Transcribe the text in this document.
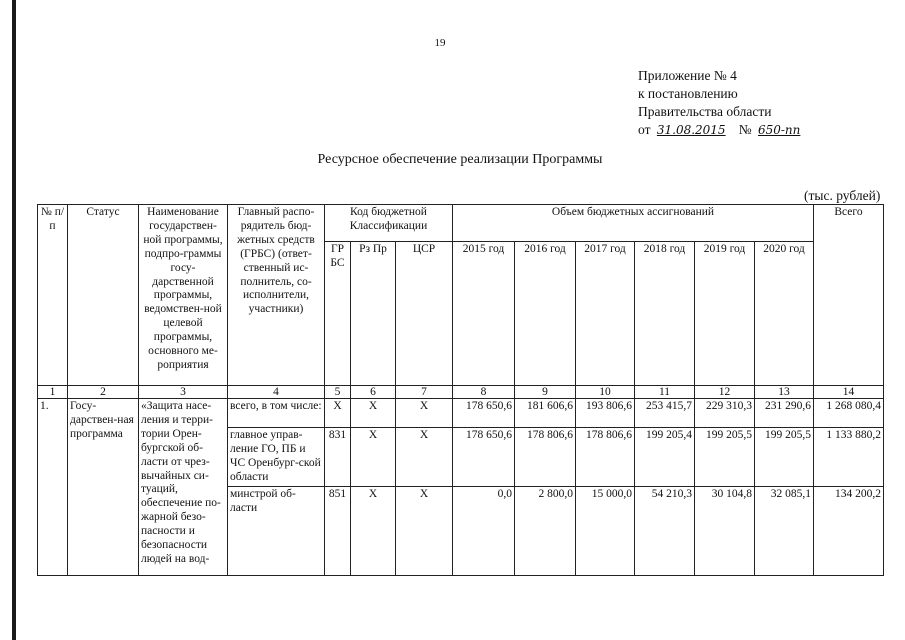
19
Приложение № 4
к постановлению
Правительства области
от 31.08.2015 № 650-пп
Ресурсное обеспечение реализации Программы
(тыс. рублей)
№ п/п	Статус	Наименование государствен-ной программы, подпро-граммы госу-дарственной программы, ведомствен-ной целевой программы, основного ме-роприятия	Главный распо-рядитель бюд-жетных средств (ГРБС) (ответ-ственный ис-полнитель, со-исполнители, участники)	Код бюджетной Классификации			Объем бюджетных ассигнований						Всего
				ГР БС	Рз Пр	ЦСР	2015 год	2016 год	2017 год	2018 год	2019 год	2020 год	
1	2	3	4	5	6	7	8	9	10	11	12	13	14
1.	Госу-дарствен-ная программа	«Защита насе-ления и терри-тории Орен-бургской об-ласти от чрез-вычайных си-туаций, обеспечение по-жарной безо-пасности и безопасности людей на вод-	всего, в том числе:	Х	Х	Х	178 650,6	181 606,6	193 806,6	253 415,7	229 310,3	231 290,6	1 268 080,4
			главное управ-ление ГО, ПБ и ЧС Оренбург-ской области	831	Х	Х	178 650,6	178 806,6	178 806,6	199 205,4	199 205,5	199 205,5	1 133 880,2
			минстрой об-ласти	851	Х	Х	0,0	2 800,0	15 000,0	54 210,3	30 104,8	32 085,1	134 200,2
